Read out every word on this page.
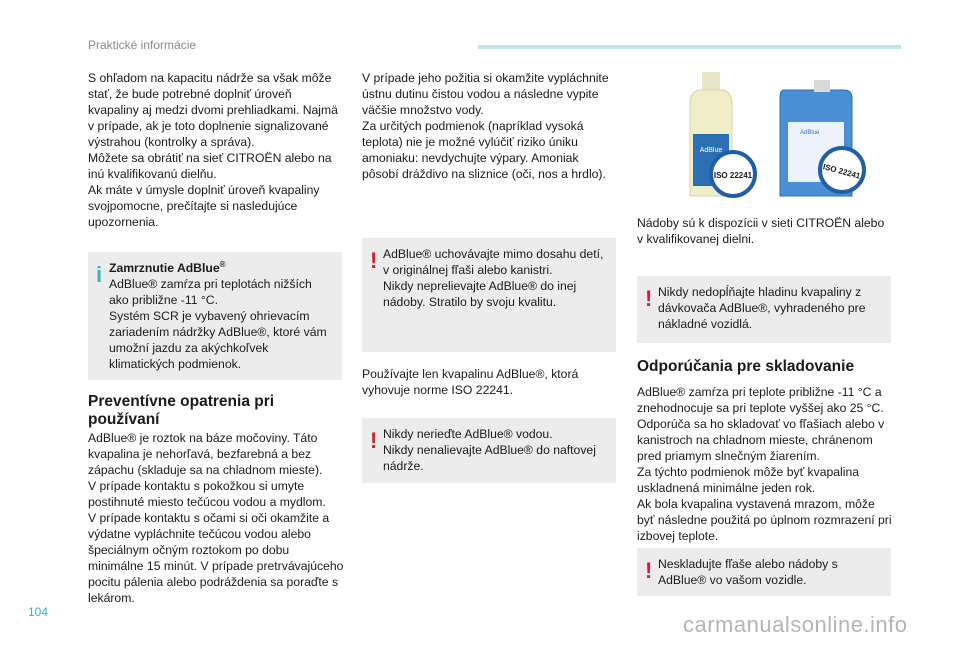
Praktické informácie

S ohľadom na kapacitu nádrže sa však môže stať, že bude potrebné doplniť úroveň kvapaliny aj medzi dvomi prehliadkami. Najmä v prípade, ak je toto doplnenie signalizované výstrahou (kontrolky a správa).

Môžete sa obrátiť na sieť CITROËN alebo na inú kvalifikovanú dielňu.

Ak máte v úmysle doplniť úroveň kvapaliny svojpomocne, prečítajte si nasledujúce upozornenia.

i Zamrznutie AdBlue®

AdBlue® zamŕza pri teplotách nižších ako približne -11 °C.

Systém SCR je vybavený ohrievacím zariadením nádržky AdBlue®, ktoré vám umožní jazdu za akýchkoľvek klimatických podmienok.

Preventívne opatrenia pri používaní

AdBlue® je roztok na báze močoviny. Táto kvapalina je nehorľavá, bezfarebná a bez zápachu (skladuje sa na chladnom mieste).

V prípade kontaktu s pokožkou si umyte postihnuté miesto tečúcou vodou a mydlom.

V prípade kontaktu s očami si oči okamžite a výdatne vypláchnite tečúcou vodou alebo špeciálnym očným roztokom po dobu minimálne 15 minút. V prípade pretrvávajúceho pocitu pálenia alebo podráždenia sa poraďte s lekárom.

V prípade jeho požitia si okamžite vypláchnite ústnu dutinu čistou vodou a následne vypite väčšie množstvo vody.

Za určitých podmienok (napríklad vysoká teplota) nie je možné vylúčiť riziko úniku amoniaku: nevdychujte výpary. Amoniak pôsobí dráždivo na sliznice (oči, nos a hrdlo).

! AdBlue® uchovávajte mimo dosahu detí, v originálnej fľaši alebo kanistri.

Nikdy neprelievajte AdBlue® do inej nádoby. Stratilo by svoju kvalitu.

Používajte len kvapalinu AdBlue®, ktorá vyhovuje norme ISO 22241.

! Nikdy nerieďte AdBlue® vodou.

Nikdy nenalievajte AdBlue® do naftovej nádrže.

AdBlue
AdBlue
ISO 22241	ISO 22241

Nádoby sú k dispozícii v sieti CITROËN alebo v kvalifikovanej dielni.

! Nikdy nedopĺňajte hladinu kvapaliny z dávkovača AdBlue®, vyhradeného pre nákladné vozidlá.

Odporúčania pre skladovanie

AdBlue® zamŕza pri teplote približne -11 °C a znehodnocuje sa pri teplote vyššej ako 25 °C. Odporúča sa ho skladovať vo fľašiach alebo v kanistroch na chladnom mieste, chránenom pred priamym slnečným žiarením.

Za týchto podmienok môže byť kvapalina uskladnená minimálne jeden rok.

Ak bola kvapalina vystavená mrazom, môže byť následne použitá po úplnom rozmrazení pri izbovej teplote.

! Neskladujte fľaše alebo nádoby s AdBlue® vo vašom vozidle.

104	carmanualsonline.info
